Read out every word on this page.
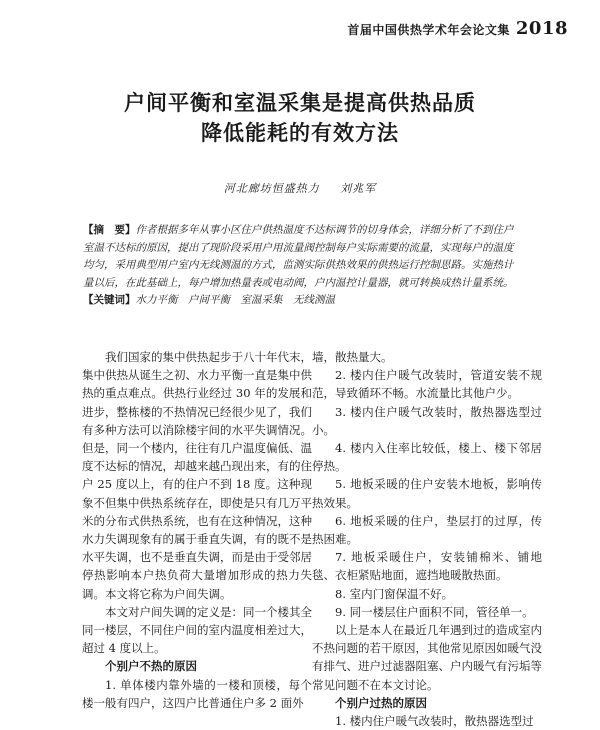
首届中国供热学术年会论文集 2018
户间平衡和室温采集是提高供热品质
降低能耗的有效方法
河北廊坊恒盛热力 刘兆军

【摘　要】作者根据多年从事小区住户供热温度不达标调节的切身体会，详细分析了不到住户室温不达标的原因，提出了现阶段采用户用流量阀控制每户实际需要的流量，实现每户的温度均匀，采用典型用户室内无线测温的方式，监测实际供热效果的供热运行控制思路。实施热计量以后，在此基础上，每户增加热量表或电动阀，户内温控计量器，就可转换成热计量系统。

【关键词】水力平衡　户间平衡　室温采集　无线测温

我们国家的集中供热起步于八十年代末，集中供热从诞生之初、水力平衡一直是集中供热的重点难点。供热行业经过 30 年的发展和进步，整栋楼的不热情况已经很少见了，我们有多种方法可以消除楼宇间的水平失调情况。但是，同一个楼内，往往有几户温度偏低、温度不达标的情况，却越来越凸现出来，有的住户 25 度以上，有的住户不到 18 度。这种现象不但集中供热系统存在，即使是只有几万平米的分布式供热系统，也有在这种情况，这种水力失调现象有的属于垂直失调，有的既不是水平失调，也不是垂直失调，而是由于受邻居停热影响本户热负荷大量增加形成的热力失调。本文将它称为户间失调。

本文对户间失调的定义是：同一个楼其全同一楼层，不同住户间的室内温度相差过大，超过 4 度以上。

个别户不热的原因

1. 单体楼内靠外墙的一楼和顶楼，每个楼一般有四户，这四户比普通住户多 2 面外

墙，散热量大。

2. 楼内住户暖气改装时，管道安装不规范，导致循环不畅。水流量比其他户少。

3. 楼内住户暖气改装时，散热器选型过小。

4. 楼内入住率比较低，楼上、楼下邻居停热。

5. 地板采暖的住户安装木地板，影响传热效果。

6. 地板采暖的住户，垫层打的过厚，传热困难。

7. 地板采暖住户，安装铺棉米、铺地毯、衣柜紧贴地面，遮挡地暖散热面。

8. 室内门窗保温不好。

9. 同一楼层住户面积不同，管径单一。

以上是本人在最近几年遇到过的造成室内不热问题的若干原因，其他常见原因如暖气没有排气、进户过滤器阻塞、户内暖气有污垢等常见问题不在本文讨论。

个别户过热的原因

1. 楼内住户暖气改装时，散热器选型过
